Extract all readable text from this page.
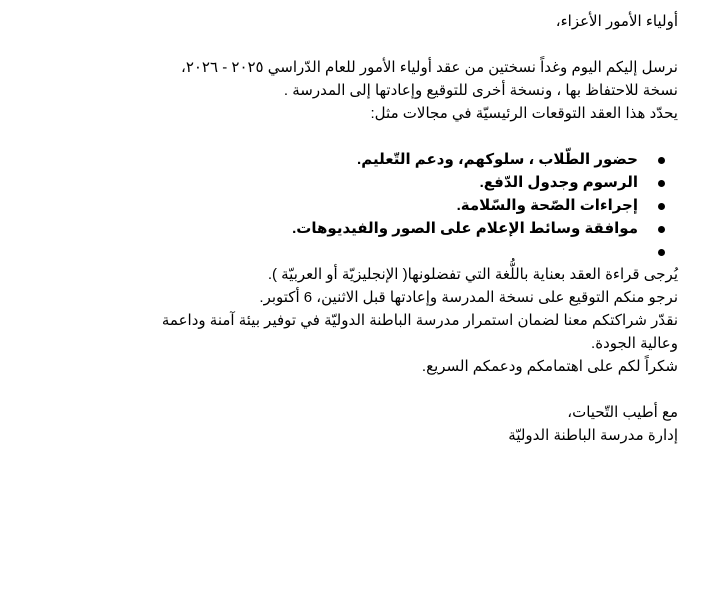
أولياء الأمور الأعزاء،

نرسل إليكم اليوم وغداً نسختين من عقد أولياء الأمور للعام الدّراسي ٢٠٢٥ - ٢٠٢٦،

نسخة للاحتفاظ بها ، ونسخة أخرى للتوقيع وإعادتها إلى المدرسة .

يحدّد هذا العقد التوقعات الرئيسيّة في مجالات مثل:

حضور الطّلاب ، سلوكهم، ودعم التّعليم.
الرسوم وجدول الدّفع.
إجراءات الصّحة والسّلامة.
موافقة وسائط الإعلام على الصور والفيديوهات.

يُرجى قراءة العقد بعناية باللُّغة التي تفضلونها( الإنجليزيّة أو العربيّة ).

نرجو منكم التوقيع على نسخة المدرسة وإعادتها قبل الاثنين، 6 أكتوبر.

نقدّر شراكتكم معنا لضمان استمرار مدرسة الباطنة الدوليّة في توفير بيئة آمنة وداعمة

وعالية الجودة.

شكراً لكم على اهتمامكم ودعمكم السريع.

مع أطيب التّحيات،

إدارة مدرسة الباطنة الدوليّة
